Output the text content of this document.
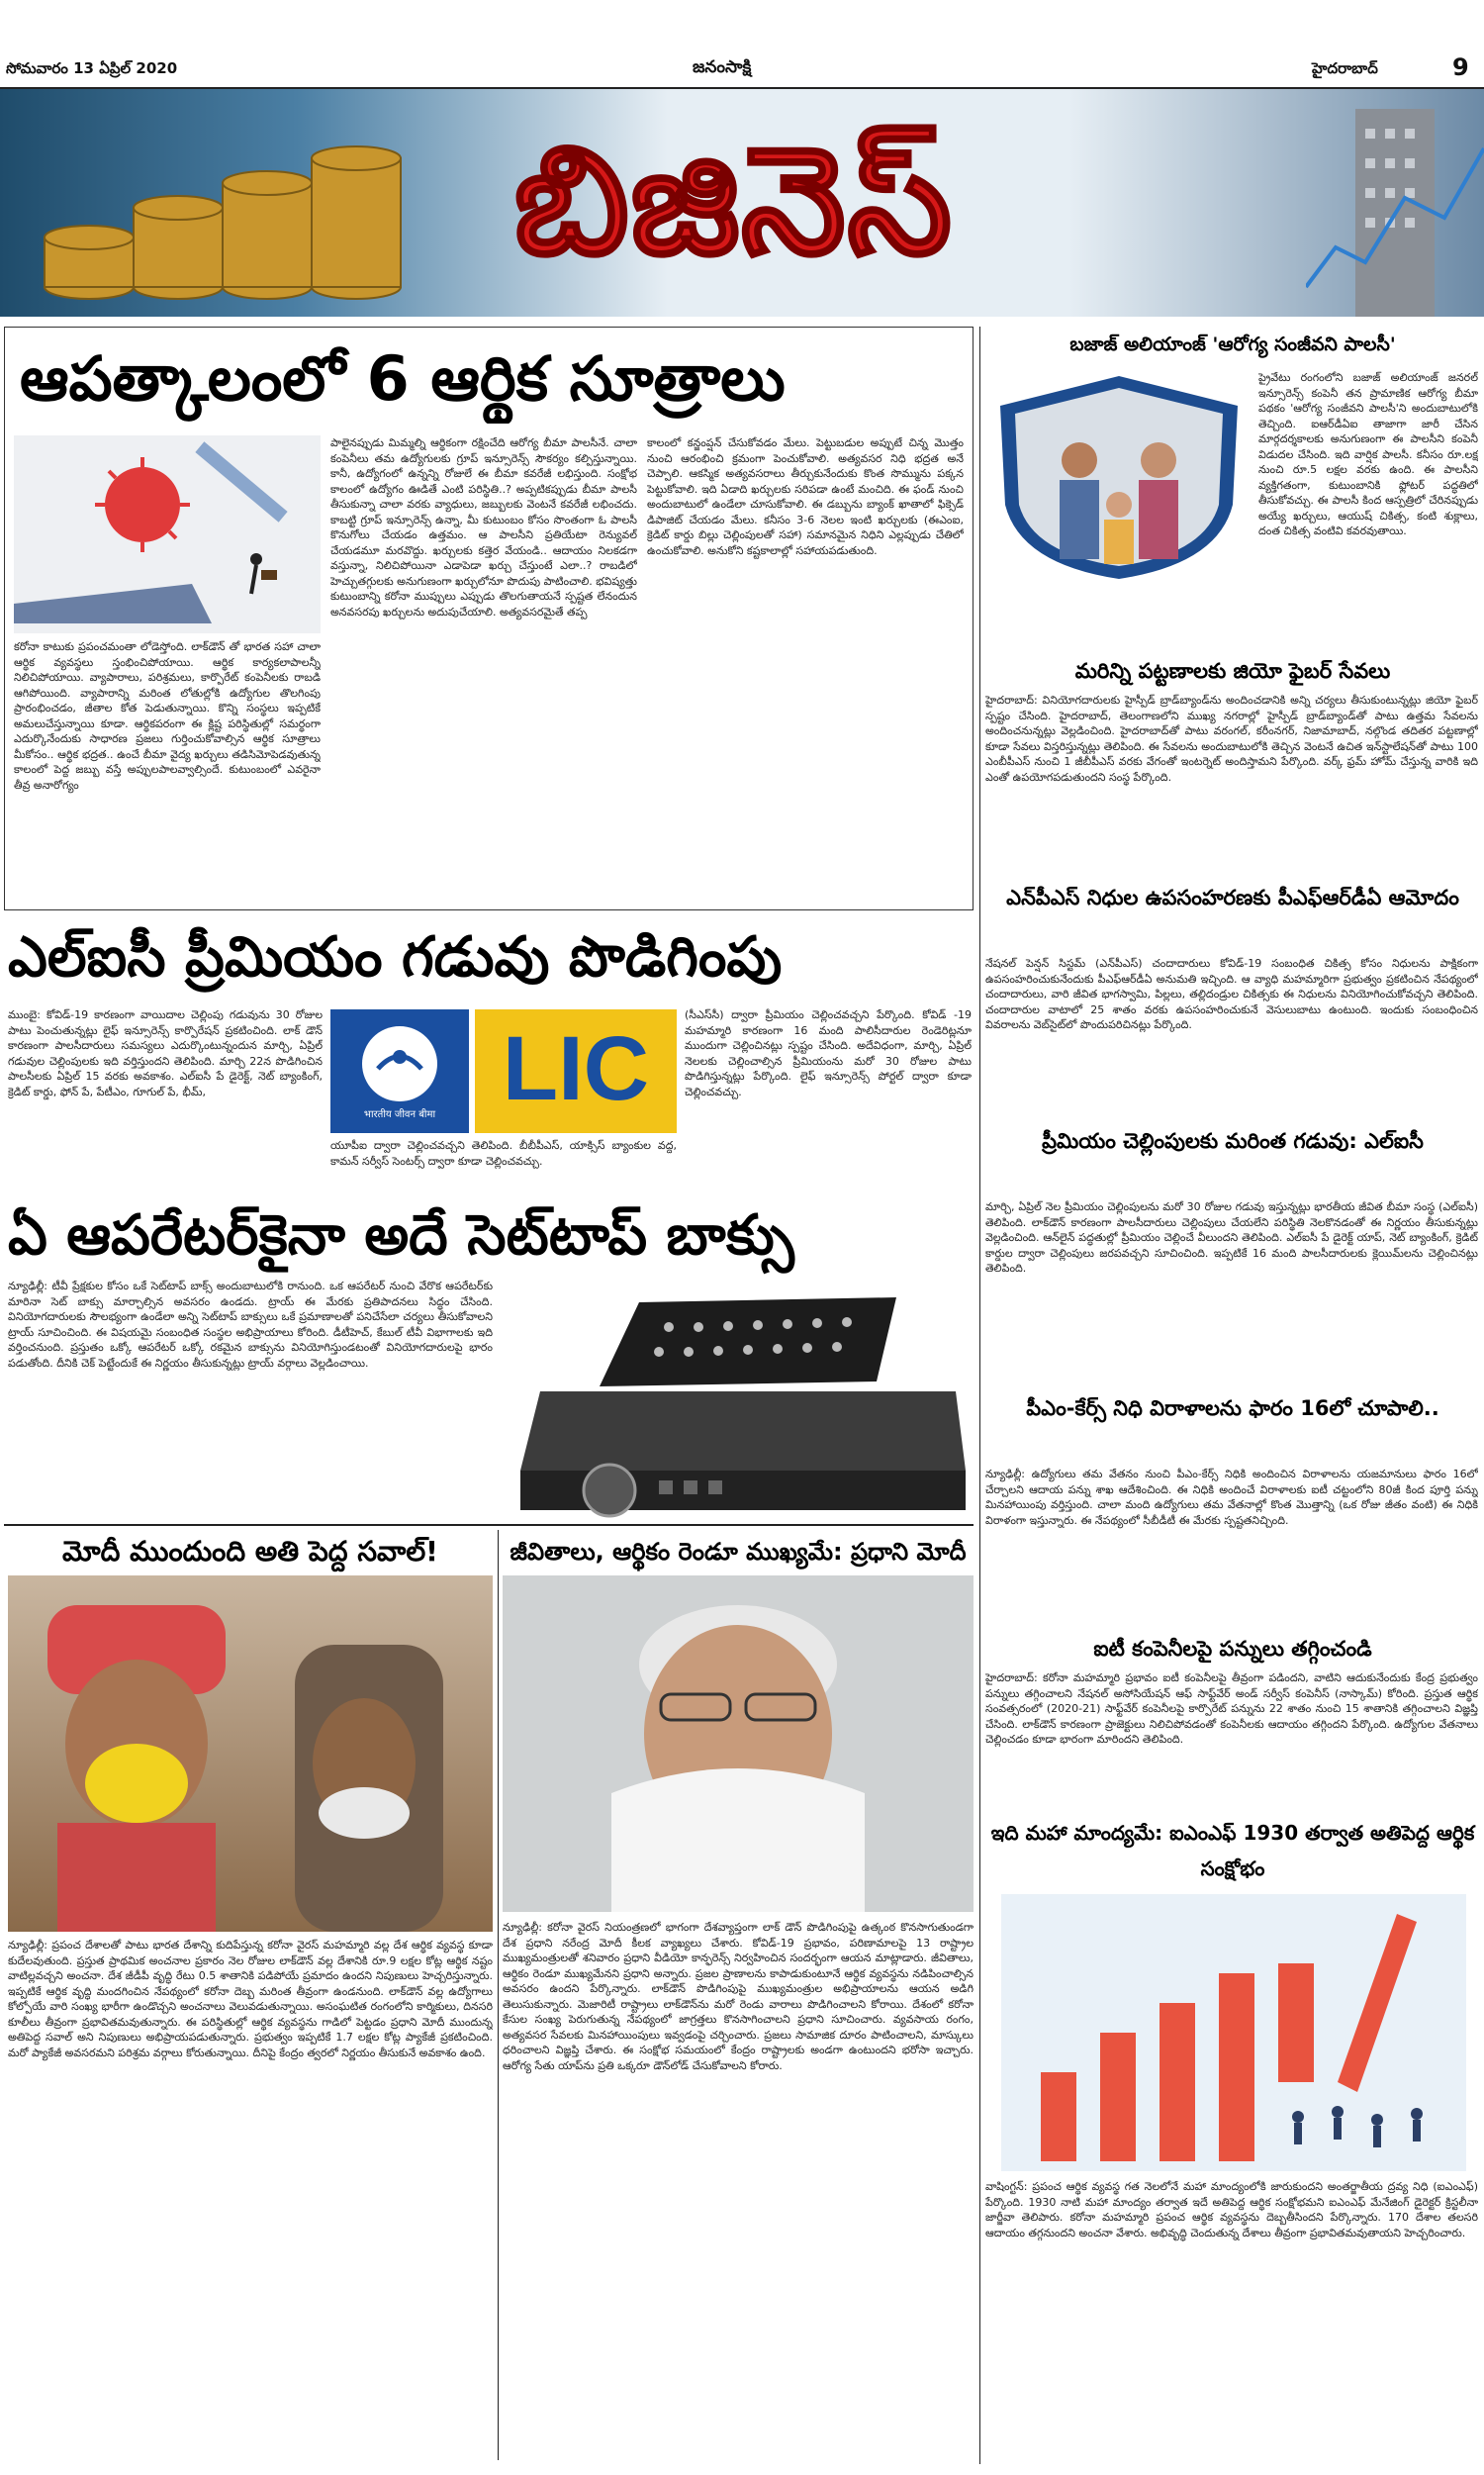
సోమవారం 13 ఏప్రిల్ 2020	జనంసాక్షి	హైదరాబాద్	9
బిజినెస్
ఆపత్కాలంలో 6 ఆర్థిక సూత్రాలు
కరోనా కాటుకు ప్రపంచమంతా లోడెస్తోంది. లాక్‌డౌన్ తో భారత సహా చాలా ఆర్థిక వ్యవస్థలు స్తంభించిపోయాయి. ఆర్థిక కార్యకలాపాలన్నీ నిలిచిపోయాయి. వ్యాపారాలు, పరిశ్రమలు, కార్పొరేట్ కంపెనీలకు రాబడి ఆగిపోయింది. వ్యాపారాన్ని మరింత లోతుల్లోకి ఉద్యోగుల తొలగింపు ప్రారంభించడం, జీతాల కోత పెడుతున్నాయి. కొన్ని సంస్థలు ఇప్పటికే అమలుచేస్తున్నాయి కూడా. ఆర్థికపరంగా ఈ క్లిష్ట పరిస్థితుల్లో సమర్థంగా ఎదుర్కొనేందుకు సాధారణ ప్రజలు గుర్తించుకోవాల్సిన ఆర్థిక సూత్రాలు మీకోసం.. ఆర్థిక భద్రత.. ఉంచే బీమా వైద్య ఖర్చులు తడిసిమోపెడవుతున్న కాలంలో పెద్ద జబ్బు వస్తే అప్పులపాలవ్వాల్సిందే. కుటుంబంలో ఎవరైనా తీవ్ర అనారోగ్యం
పాలైనప్పుడు మిమ్మల్ని ఆర్థికంగా రక్షించేది ఆరోగ్య బీమా పాలసీనే. చాలా కంపెనీలు తమ ఉద్యోగులకు గ్రూప్ ఇన్సూరెన్స్ సౌకర్యం కల్పిస్తున్నాయి. కానీ, ఉద్యోగంలో ఉన్నన్ని రోజులే ఈ బీమా కవరేజీ లభిస్తుంది. సంక్షోభ కాలంలో ఉద్యోగం ఊడితే ఎంటి పరిస్థితి..? అప్పటికప్పుడు బీమా పాలసీ తీసుకున్నా చాలా వరకు వ్యాధులు, జబ్బులకు వెంటనే కవరేజీ లభించదు. కాబట్టి గ్రూప్ ఇన్సూరెన్స్ ఉన్నా, మీ కుటుంబం కోసం సొంతంగా ఓ పాలసీ కొనుగోలు చేయడం ఉత్తమం. ఆ పాలసీని ప్రతియేటా రెన్యువల్ చేయడమూ మరవొద్దు. ఖర్చులకు కత్తెర వేయండి.. ఆదాయం నిలకడగా వస్తున్నా, నిలిచిపోయినా ఎడాపెడా ఖర్చు చేస్తుంటే ఎలా..? రాబడిలో హెచ్చుతగ్గులకు అనుగుణంగా ఖర్చులోనూ పొదుపు పాటించాలి. భవిష్యత్తు కుటుంబాన్ని కరోనా ముప్పులు ఎప్పుడు తొలగుతాయనే స్పష్టత లేనందున అనవసరపు ఖర్చులను అదుపుచేయాలి. అత్యవసరమైతే తప్ప
కాలంలో కన్జంప్షన్ చేసుకోవడం మేలు. పెట్టుబడుల అప్పుటే చిన్న మొత్తం నుంచి ఆరంభించి క్రమంగా పెంచుకోవాలి. అత్యవసర నిధి భద్రత అనే చెప్పాలి. ఆకస్మిక అత్యవసరాలు తీర్చుకునేందుకు కొంత సొమ్మును పక్కన పెట్టుకోవాలి. ఇది ఏడాది ఖర్చులకు సరిపడా ఉంటే మంచిది. ఈ ఫండ్ నుంచి అందుబాటులో ఉండేలా చూసుకోవాలి. ఈ డబ్బును బ్యాంక్ ఖాతాలో ఫిక్సెడ్ డిపాజిట్ చేయడం మేలు. కనీసం 3-6 నెలల ఇంటి ఖర్చులకు (ఈఎంఐ, క్రెడిట్ కార్డు బిల్లు చెల్లింపులతో సహా) సమానమైన నిధిని ఎల్లప్పుడు చేతిలో ఉంచుకోవాలి. అనుకోని కష్టకాలాల్లో సహాయపడుతుంది.
ఎల్ఐసీ ప్రీమియం గడువు పొడిగింపు
ముంబై: కోవిడ్-19 కారణంగా వాయిదాల చెల్లింపు గడువును 30 రోజుల పాటు పెంచుతున్నట్లు లైఫ్ ఇన్సూరెన్స్ కార్పొరేషన్ ప్రకటించింది. లాక్ డౌన్ కారణంగా పాలసీదారులు సమస్యలు ఎదుర్కొంటున్నందున మార్చి, ఏప్రిల్ గడువుల చెల్లింపులకు ఇది వర్తిస్తుందని తెలిపింది. మార్చి 22న పొడిగించిన పాలసీలకు ఏప్రిల్ 15 వరకు అవకాశం. ఎల్ఐసీ పే డైరెక్ట్, నెట్ బ్యాంకింగ్, క్రెడిట్ కార్డు, ఫోన్ పే, పేటీఎం, గూగుల్ పే, భీమ్,
भारतीय जीवन बीमा LIC
యూపీఐ ద్వారా చెల్లించవచ్చని తెలిపింది. బీబీపీఎస్, యాక్సిస్ బ్యాంకుల వద్ద, కామన్ సర్వీస్ సెంటర్స్ ద్వారా కూడా చెల్లించవచ్చు.
(సీఎస్‌సీ) ద్వారా ప్రీమియం చెల్లించవచ్చని పేర్కొంది. కోవిడ్ -19 మహమ్మారి కారణంగా 16 మంది పాలిసీదారుల రెండెరిట్లనూ ముందుగా చెల్లించినట్లు స్పష్టం చేసింది. అదేవిధంగా, మార్చి, ఏప్రిల్ నెలలకు చెల్లించాల్సిన ప్రీమియంను మరో 30 రోజుల పాటు పొడిగిస్తున్నట్లు పేర్కొంది. లైఫ్ ఇన్సూరెన్స్ పోర్టల్ ద్వారా కూడా చెల్లించవచ్చు.
ఏ ఆపరేటర్‌కైనా అదే సెట్‌టాప్ బాక్సు
న్యూఢిల్లీ: టీవీ ప్రేక్షకుల కోసం ఒకే సెట్‌టాప్ బాక్స్ అందుబాటులోకి రానుంది. ఒక ఆపరేటర్ నుంచి వేరొక ఆపరేటర్‌కు మారినా సెట్ బాక్సు మార్చాల్సిన అవసరం ఉండదు. ట్రాయ్ ఈ మేరకు ప్రతిపాదనలు సిద్ధం చేసింది. వినియోగదారులకు సౌలభ్యంగా ఉండేలా అన్ని సెట్‌టాప్ బాక్సులు ఒకే ప్రమాణాలతో పనిచేసేలా చర్యలు తీసుకోవాలని ట్రాయ్ సూచించింది. ఈ విషయమై సంబంధిత సంస్థల అభిప్రాయాలు కోరింది. డీటీహెచ్, కేబుల్ టీవీ విభాగాలకు ఇది వర్తించనుంది. ప్రస్తుతం ఒక్కో ఆపరేటర్ ఒక్కో రకమైన బాక్సును వినియోగిస్తుండటంతో వినియోగదారులపై భారం పడుతోంది. దీనికి చెక్ పెట్టేందుకే ఈ నిర్ణయం తీసుకున్నట్లు ట్రాయ్ వర్గాలు వెల్లడించాయి.
మోదీ ముందుంది అతి పెద్ద సవాల్!
న్యూఢిల్లీ: ప్రపంచ దేశాలతో పాటు భారత దేశాన్ని కుదిపేస్తున్న కరోనా వైరస్ మహమ్మారి వల్ల దేశ ఆర్థిక వ్యవస్థ కూడా కుదేలవుతుంది. ప్రస్తుత ప్రాథమిక అంచనాల ప్రకారం నెల రోజుల లాక్‌డౌన్ వల్ల దేశానికి రూ.9 లక్షల కోట్ల ఆర్థిక నష్టం వాటిల్లవచ్చని అంచనా. దేశ జీడీపీ వృద్ధి రేటు 0.5 శాతానికి పడిపోయే ప్రమాదం ఉందని నిపుణులు హెచ్చరిస్తున్నారు. ఇప్పటికే ఆర్థిక వృద్ధి మందగించిన నేపథ్యంలో కరోనా దెబ్బ మరింత తీవ్రంగా ఉండనుంది. లాక్‌డౌన్ వల్ల ఉద్యోగాలు కోల్పోయే వారి సంఖ్య భారీగా ఉండొచ్చని అంచనాలు వెలువడుతున్నాయి. అసంఘటిత రంగంలోని కార్మికులు, దినసరి కూలీలు తీవ్రంగా ప్రభావితమవుతున్నారు. ఈ పరిస్థితుల్లో ఆర్థిక వ్యవస్థను గాడిలో పెట్టడం ప్రధాని మోదీ ముందున్న అతిపెద్ద సవాల్ అని నిపుణులు అభిప్రాయపడుతున్నారు. ప్రభుత్వం ఇప్పటికే 1.7 లక్షల కోట్ల ప్యాకేజీ ప్రకటించింది. మరో ప్యాకేజీ అవసరమని పరిశ్రమ వర్గాలు కోరుతున్నాయి. దీనిపై కేంద్రం త్వరలో నిర్ణయం తీసుకునే అవకాశం ఉంది.
జీవితాలు, ఆర్థికం రెండూ ముఖ్యమే: ప్రధాని మోదీ
న్యూఢిల్లీ: కరోనా వైరస్ నియంత్రణలో భాగంగా దేశవ్యాప్తంగా లాక్ డౌన్ పొడిగింపుపై ఉత్కంఠ కొనసాగుతుండగా దేశ ప్రధాని నరేంద్ర మోదీ కీలక వ్యాఖ్యలు చేశారు. కోవిడ్-19 ప్రభావం, పరిణామాలపై 13 రాష్ట్రాల ముఖ్యమంత్రులతో శనివారం ప్రధాని వీడియో కాన్ఫరెన్స్ నిర్వహించిన సందర్భంగా ఆయన మాట్లాడారు. జీవితాలు, ఆర్థికం రెండూ ముఖ్యమేనని ప్రధాని అన్నారు. ప్రజల ప్రాణాలను కాపాడుకుంటూనే ఆర్థిక వ్యవస్థను నడిపించాల్సిన అవసరం ఉందని పేర్కొన్నారు. లాక్‌డౌన్ పొడిగింపుపై ముఖ్యమంత్రుల అభిప్రాయాలను ఆయన అడిగి తెలుసుకున్నారు. మెజారిటీ రాష్ట్రాలు లాక్‌డౌన్‌ను మరో రెండు వారాలు పొడిగించాలని కోరాయి. దేశంలో కరోనా కేసుల సంఖ్య పెరుగుతున్న నేపథ్యంలో జాగ్రత్తలు కొనసాగించాలని ప్రధాని సూచించారు. వ్యవసాయ రంగం, అత్యవసర సేవలకు మినహాయింపులు ఇవ్వడంపై చర్చించారు. ప్రజలు సామాజిక దూరం పాటించాలని, మాస్కులు ధరించాలని విజ్ఞప్తి చేశారు. ఈ సంక్షోభ సమయంలో కేంద్రం రాష్ట్రాలకు అండగా ఉంటుందని భరోసా ఇచ్చారు. ఆరోగ్య సేతు యాప్‌ను ప్రతి ఒక్కరూ డౌన్‌లోడ్ చేసుకోవాలని కోరారు.
బజాజ్ అలియాంజ్ 'ఆరోగ్య సంజీవని పాలసీ'
ప్రైవేటు రంగంలోని బజాజ్ అలియాంజ్ జనరల్ ఇన్సూరెన్స్ కంపెనీ తన ప్రామాణిక ఆరోగ్య బీమా పథకం 'ఆరోగ్య సంజీవని పాలసీ'ని అందుబాటులోకి తెచ్చింది. ఐఆర్‌డీఏఐ తాజాగా జారీ చేసిన మార్గదర్శకాలకు అనుగుణంగా ఈ పాలసీని కంపెనీ విడుదల చేసింది. ఇది వార్షిక పాలసీ. కనీసం రూ.లక్ష నుంచి రూ.5 లక్షల వరకు ఉంది. ఈ పాలసీని వ్యక్తిగతంగా, కుటుంబానికి ఫ్లోటర్ పద్ధతిలో తీసుకోవచ్చు. ఈ పాలసీ కింద ఆస్పత్రిలో చేరినప్పుడు అయ్యే ఖర్చులు, ఆయుష్ చికిత్స, కంటి శుక్లాలు, దంత చికిత్స వంటివి కవరవుతాయి.
మరిన్ని పట్టణాలకు జియో ఫైబర్ సేవలు
హైదరాబాద్: వినియోగదారులకు హైస్పీడ్ బ్రాడ్‌బ్యాండ్‌ను అందించడానికి అన్ని చర్యలు తీసుకుంటున్నట్లు జియో ఫైబర్ స్పష్టం చేసింది. హైదరాబాద్, తెలంగాణలోని ముఖ్య నగరాల్లో హైస్పీడ్ బ్రాడ్‌బ్యాండ్‌తో పాటు ఉత్తమ సేవలను అందించనున్నట్లు వెల్లడించింది. హైదరాబాద్‌తో పాటు వరంగల్, కరీంనగర్, నిజామాబాద్, నల్గొండ తదితర పట్టణాల్లో కూడా సేవలు విస్తరిస్తున్నట్లు తెలిపింది. ఈ సేవలను అందుబాటులోకి తెచ్చిన వెంటనే ఉచిత ఇన్‌స్టాలేషన్‌తో పాటు 100 ఎంబీపీఎస్ నుంచి 1 జీబీపీఎస్ వరకు వేగంతో ఇంటర్నెట్ అందిస్తామని పేర్కొంది. వర్క్ ఫ్రమ్ హోమ్ చేస్తున్న వారికి ఇది ఎంతో ఉపయోగపడుతుందని సంస్థ పేర్కొంది.
ఎన్‌పీఎస్ నిధుల ఉపసంహరణకు పీఎఫ్‌ఆర్‌డీఏ ఆమోదం
నేషనల్ పెన్షన్ సిస్టమ్ (ఎన్‌పీఎస్) చందాదారులు కోవిడ్-19 సంబంధిత చికిత్స కోసం నిధులను పాక్షికంగా ఉపసంహరించుకునేందుకు పీఎఫ్‌ఆర్‌డీఏ అనుమతి ఇచ్చింది. ఆ వ్యాధి మహమ్మారిగా ప్రభుత్వం ప్రకటించిన నేపథ్యంలో చందాదారులు, వారి జీవిత భాగస్వామి, పిల్లలు, తల్లిదండ్రుల చికిత్సకు ఈ నిధులను వినియోగించుకోవచ్చని తెలిపింది. చందాదారుల వాటాలో 25 శాతం వరకు ఉపసంహరించుకునే వెసులుబాటు ఉంటుంది. ఇందుకు సంబంధించిన వివరాలను వెబ్‌సైట్‌లో పొందుపరిచినట్లు పేర్కొంది.
ప్రీమియం చెల్లింపులకు మరింత గడువు: ఎల్ఐసీ
మార్చి, ఏప్రిల్ నెల ప్రీమియం చెల్లింపులను మరో 30 రోజుల గడువు ఇస్తున్నట్లు భారతీయ జీవిత బీమా సంస్థ (ఎల్ఐసీ) తెలిపింది. లాక్‌డౌన్ కారణంగా పాలసీదారులు చెల్లింపులు చేయలేని పరిస్థితి నెలకొనడంతో ఈ నిర్ణయం తీసుకున్నట్లు వెల్లడించింది. ఆన్‌లైన్ పద్ధతుల్లో ప్రీమియం చెల్లించే వీలుందని తెలిపింది. ఎల్ఐసీ పే డైరెక్ట్ యాప్, నెట్ బ్యాంకింగ్, క్రెడిట్ కార్డుల ద్వారా చెల్లింపులు జరపవచ్చని సూచించింది. ఇప్పటికే 16 మంది పాలసీదారులకు క్లెయిమ్‌లను చెల్లించినట్లు తెలిపింది.
పీఎం-కేర్స్ నిధి విరాళాలను ఫారం 16లో చూపాలి..
న్యూఢిల్లీ: ఉద్యోగులు తమ వేతనం నుంచి పీఎం-కేర్స్ నిధికి అందించిన విరాళాలను యజమానులు ఫారం 16లో చేర్చాలని ఆదాయ పన్ను శాఖ ఆదేశించింది. ఈ నిధికి అందించే విరాళాలకు ఐటీ చట్టంలోని 80జీ కింద పూర్తి పన్ను మినహాయింపు వర్తిస్తుంది. చాలా మంది ఉద్యోగులు తమ వేతనాల్లో కొంత మొత్తాన్ని (ఒక రోజు జీతం వంటి) ఈ నిధికి విరాళంగా ఇస్తున్నారు. ఈ నేపథ్యంలో సీబీడీటీ ఈ మేరకు స్పష్టతనిచ్చింది.
ఐటీ కంపెనీలపై పన్నులు తగ్గించండి
హైదరాబాద్: కరోనా మహమ్మారి ప్రభావం ఐటీ కంపెనీలపై తీవ్రంగా పడిందని, వాటిని ఆదుకునేందుకు కేంద్ర ప్రభుత్వం పన్నులు తగ్గించాలని నేషనల్ అసోసియేషన్ ఆఫ్ సాఫ్ట్‌వేర్ అండ్ సర్వీస్ కంపెనీస్ (నాస్కామ్) కోరింది. ప్రస్తుత ఆర్థిక సంవత్సరంలో (2020-21) సాఫ్ట్‌వేర్ కంపెనీలపై కార్పొరేట్ పన్నును 22 శాతం నుంచి 15 శాతానికి తగ్గించాలని విజ్ఞప్తి చేసింది. లాక్‌డౌన్ కారణంగా ప్రాజెక్టులు నిలిచిపోవడంతో కంపెనీలకు ఆదాయం తగ్గిందని పేర్కొంది. ఉద్యోగుల వేతనాలు చెల్లించడం కూడా భారంగా మారిందని తెలిపింది.
ఇది మహా మాంద్యమే: ఐఎంఎఫ్ 1930 తర్వాత అతిపెద్ద ఆర్థిక సంక్షోభం
వాషింగ్టన్: ప్రపంచ ఆర్థిక వ్యవస్థ గత నెలలోనే మహా మాంద్యంలోకి జారుకుందని అంతర్జాతీయ ద్రవ్య నిధి (ఐఎంఎఫ్) పేర్కొంది. 1930 నాటి మహా మాంద్యం తర్వాత ఇదే అతిపెద్ద ఆర్థిక సంక్షోభమని ఐఎంఎఫ్ మేనేజింగ్ డైరెక్టర్ క్రిస్టలీనా జార్జీవా తెలిపారు. కరోనా మహమ్మారి ప్రపంచ ఆర్థిక వ్యవస్థను దెబ్బతీసిందని పేర్కొన్నారు. 170 దేశాల తలసరి ఆదాయం తగ్గనుందని అంచనా వేశారు. అభివృద్ధి చెందుతున్న దేశాలు తీవ్రంగా ప్రభావితమవుతాయని హెచ్చరించారు.
